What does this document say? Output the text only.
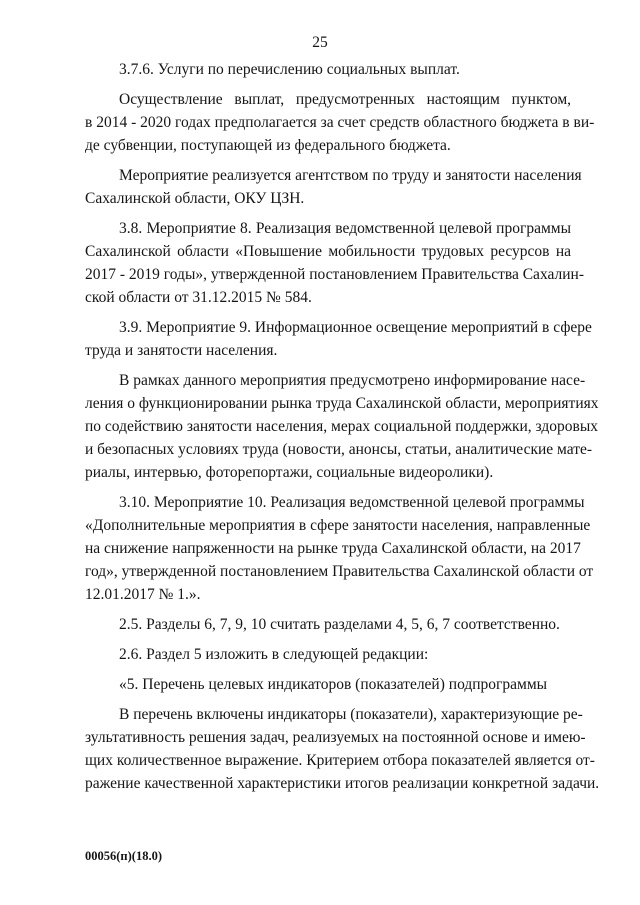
25
3.7.6. Услуги по перечислению социальных выплат.
Осуществление выплат, предусмотренных настоящим пунктом,
в 2014 - 2020 годах предполагается за счет средств областного бюджета в ви-
де субвенции, поступающей из федерального бюджета.
Мероприятие реализуется агентством по труду и занятости населения
Сахалинской области, ОКУ ЦЗН.
3.8. Мероприятие 8. Реализация ведомственной целевой программы
Сахалинской области «Повышение мобильности трудовых ресурсов на
2017 - 2019 годы», утвержденной постановлением Правительства Сахалин-
ской области от 31.12.2015 № 584.
3.9. Мероприятие 9. Информационное освещение мероприятий в сфере
труда и занятости населения.
В рамках данного мероприятия предусмотрено информирование насе-
ления о функционировании рынка труда Сахалинской области, мероприятиях
по содействию занятости населения, мерах социальной поддержки, здоровых
и безопасных условиях труда (новости, анонсы, статьи, аналитические мате-
риалы, интервью, фоторепортажи, социальные видеоролики).
3.10. Мероприятие 10. Реализация ведомственной целевой программы
«Дополнительные мероприятия в сфере занятости населения, направленные
на снижение напряженности на рынке труда Сахалинской области, на 2017
год», утвержденной постановлением Правительства Сахалинской области от
12.01.2017 № 1.».
2.5. Разделы 6, 7, 9, 10 считать разделами 4, 5, 6, 7 соответственно.
2.6. Раздел 5 изложить в следующей редакции:
«5. Перечень целевых индикаторов (показателей) подпрограммы
В перечень включены индикаторы (показатели), характеризующие ре-
зультативность решения задач, реализуемых на постоянной основе и имею-
щих количественное выражение. Критерием отбора показателей является от-
ражение качественной характеристики итогов реализации конкретной задачи.
00056(п)(18.0)
